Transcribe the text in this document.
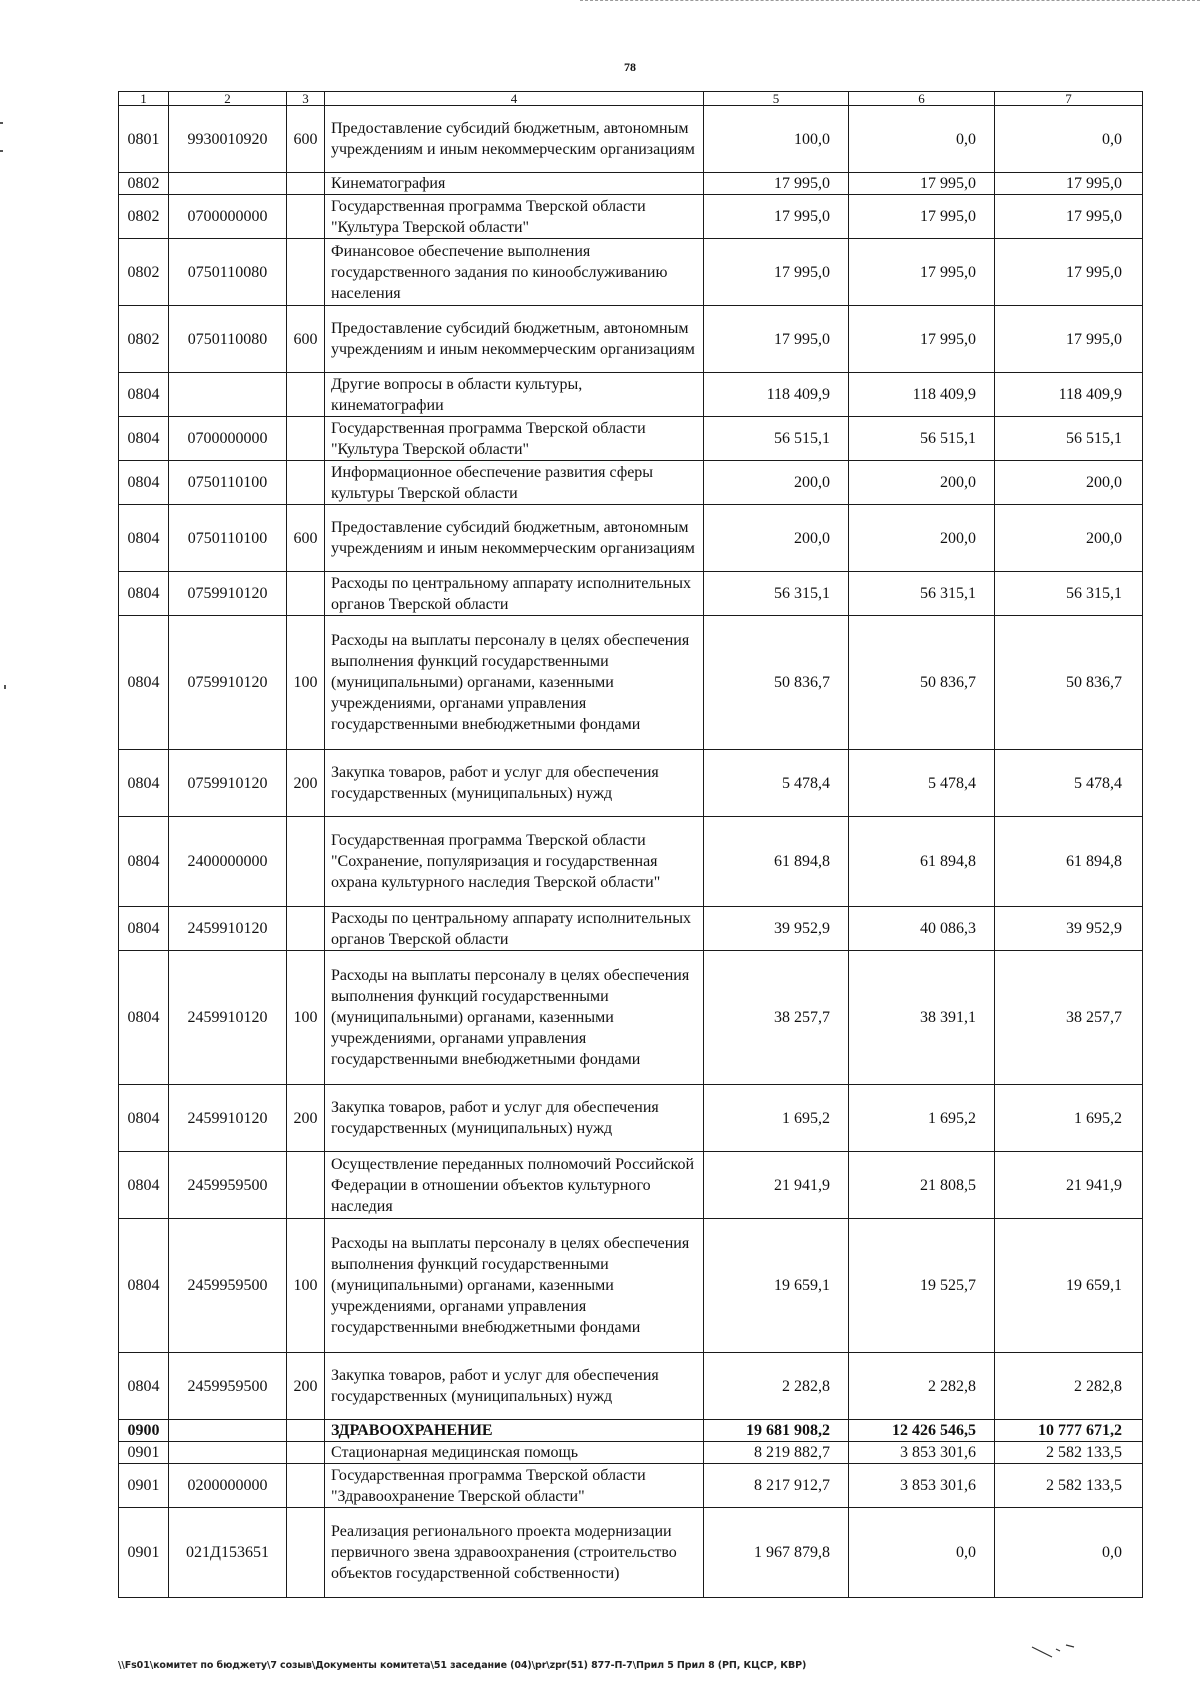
78
1	2	3	4	5	6	7
0801	9930010920	600	Предоставление субсидий бюджетным, автономным учреждениям и иным некоммерческим организациям	100,0	0,0	0,0
0802			Кинематография	17 995,0	17 995,0	17 995,0
0802	0700000000		Государственная программа Тверской области "Культура Тверской области"	17 995,0	17 995,0	17 995,0
0802	0750110080		Финансовое обеспечение выполнения государственного задания по кинообслуживанию населения	17 995,0	17 995,0	17 995,0
0802	0750110080	600	Предоставление субсидий бюджетным, автономным учреждениям и иным некоммерческим организациям	17 995,0	17 995,0	17 995,0
0804			Другие вопросы в области культуры, кинематографии	118 409,9	118 409,9	118 409,9
0804	0700000000		Государственная программа Тверской области "Культура Тверской области"	56 515,1	56 515,1	56 515,1
0804	0750110100		Информационное обеспечение развития сферы культуры Тверской области	200,0	200,0	200,0
0804	0750110100	600	Предоставление субсидий бюджетным, автономным учреждениям и иным некоммерческим организациям	200,0	200,0	200,0
0804	0759910120		Расходы по центральному аппарату исполнительных органов Тверской области	56 315,1	56 315,1	56 315,1
0804	0759910120	100	Расходы на выплаты персоналу в целях обеспечения выполнения функций государственными (муниципальными) органами, казенными учреждениями, органами управления государственными внебюджетными фондами	50 836,7	50 836,7	50 836,7
0804	0759910120	200	Закупка товаров, работ и услуг для обеспечения государственных (муниципальных) нужд	5 478,4	5 478,4	5 478,4
0804	2400000000		Государственная программа Тверской области "Сохранение, популяризация и государственная охрана культурного наследия Тверской области"	61 894,8	61 894,8	61 894,8
0804	2459910120		Расходы по центральному аппарату исполнительных органов Тверской области	39 952,9	40 086,3	39 952,9
0804	2459910120	100	Расходы на выплаты персоналу в целях обеспечения выполнения функций государственными (муниципальными) органами, казенными учреждениями, органами управления государственными внебюджетными фондами	38 257,7	38 391,1	38 257,7
0804	2459910120	200	Закупка товаров, работ и услуг для обеспечения государственных (муниципальных) нужд	1 695,2	1 695,2	1 695,2
0804	2459959500		Осуществление переданных полномочий Российской Федерации в отношении объектов культурного наследия	21 941,9	21 808,5	21 941,9
0804	2459959500	100	Расходы на выплаты персоналу в целях обеспечения выполнения функций государственными (муниципальными) органами, казенными учреждениями, органами управления государственными внебюджетными фондами	19 659,1	19 525,7	19 659,1
0804	2459959500	200	Закупка товаров, работ и услуг для обеспечения государственных (муниципальных) нужд	2 282,8	2 282,8	2 282,8
0900			ЗДРАВООХРАНЕНИЕ	19 681 908,2	12 426 546,5	10 777 671,2
0901			Стационарная медицинская помощь	8 219 882,7	3 853 301,6	2 582 133,5
0901	0200000000		Государственная программа Тверской области "Здравоохранение Тверской области"	8 217 912,7	3 853 301,6	2 582 133,5
0901	021Д153651		Реализация регионального проекта модернизации первичного звена здравоохранения (строительство объектов государственной собственности)	1 967 879,8	0,0	0,0
\\Fs01\комитет по бюджету\7 созыв\Документы комитета\51 заседание (04)\pr\zpr(51) 877-П-7\Прил 5 Прил 8 (РП, КЦСР, КВР)
